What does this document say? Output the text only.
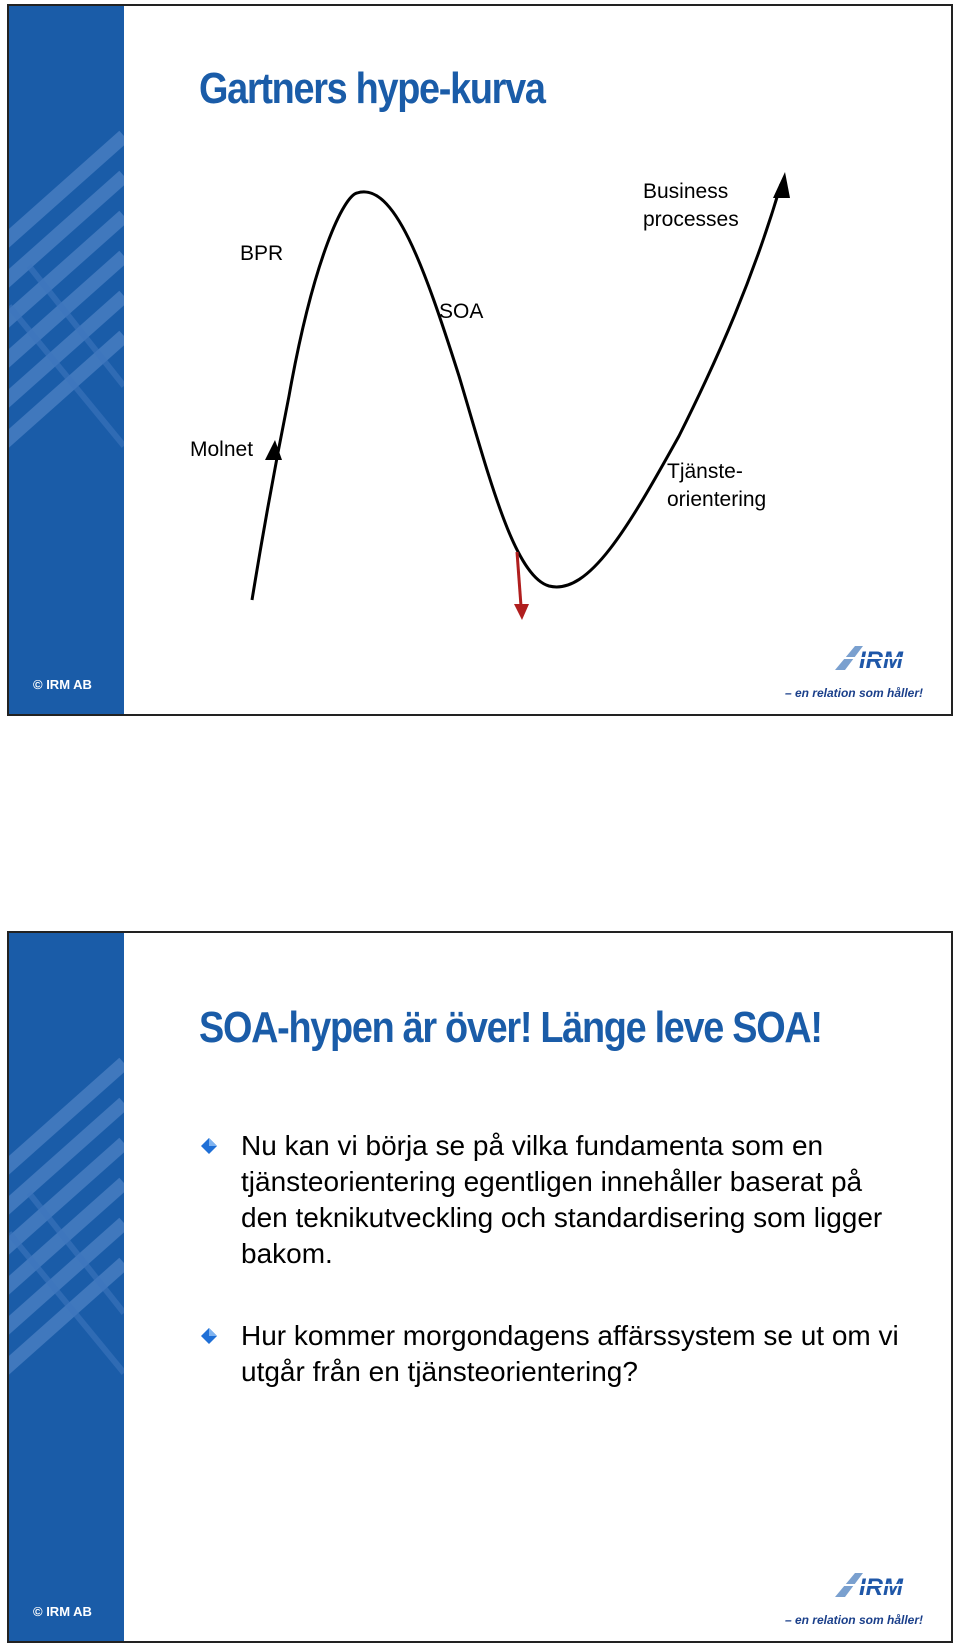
© IRM AB
Gartners hype-kurva
BPR
SOA
Business
processes
Molnet
Tjänste-
orientering
IRM
– en relation som håller!
© IRM AB
SOA-hypen är över! Länge leve SOA!
Nu kan vi börja se på vilka fundamenta som en tjänsteorientering egentligen innehåller baserat på den teknikutveckling och standardisering som ligger bakom.
Hur kommer morgondagens affärssystem se ut om vi utgår från en tjänsteorientering?
IRM
– en relation som håller!
